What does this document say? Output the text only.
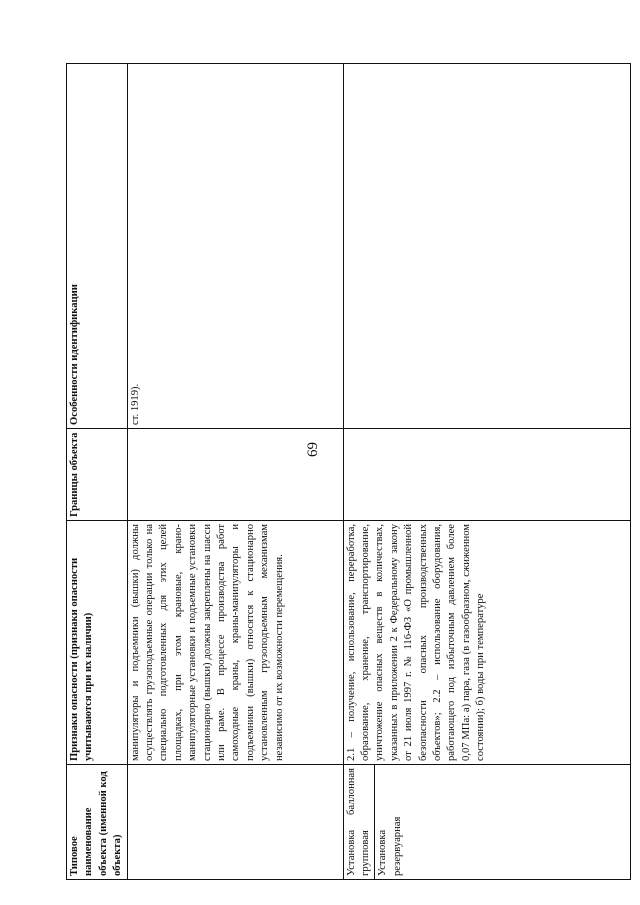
69
Типовое наименование объекта (именной код объекта)	Признаки опасности (признаки опасности учитываются при их наличии)	Границы объекта	Особенности идентификации
	манипуляторы и подъемники (вышки) должны осуществлять грузоподъемные операции только на специально подготовленных для этих целей площадках, при этом крановые, крано-манипуляторные установки и подъемные установки стационарно (вышки) должны закреплены на шасси или раме. В процессе производства работ самоходные краны, краны-манипуляторы и подъемники (вышки) относятся к стационарно установленным грузоподъемным механизмам независимо от их возможности перемещения.		ст. 1919).
Установка баллонная групповая	2.1 – получение, использование, переработка, образование, хранение, транспортирование, уничтожение опасных веществ в количествах, указанных в приложении 2 к Федеральному закону от 21 июля 1997 г. № 116-ФЗ «О промышленной безопасности опасных производственных объектов»; 2.2 – использование оборудования, работающего под избыточным давлением более 0,07 МПа: а) пара, газа (в газообразном, сжиженном состоянии); б) воды при температуре		
Установка резервуарная			
